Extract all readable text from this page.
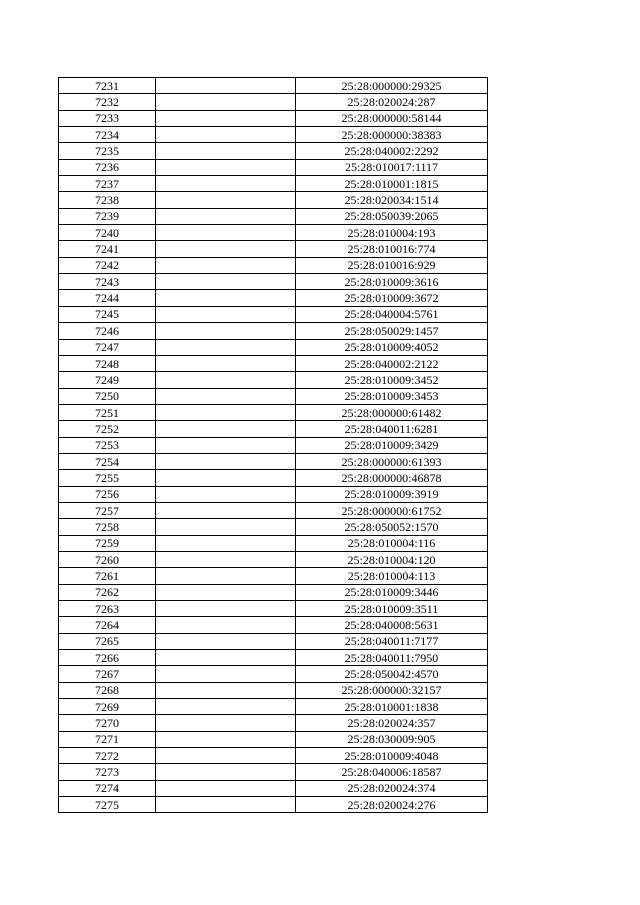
7231		25:28:000000:29325
7232		25:28:020024:287
7233		25:28:000000:58144
7234		25:28:000000:38383
7235		25:28:040002:2292
7236		25:28:010017:1117
7237		25:28:010001:1815
7238		25:28:020034:1514
7239		25:28:050039:2065
7240		25:28:010004:193
7241		25:28:010016:774
7242		25:28:010016:929
7243		25:28:010009:3616
7244		25:28:010009:3672
7245		25:28:040004:5761
7246		25:28:050029:1457
7247		25:28:010009:4052
7248		25:28:040002:2122
7249		25:28:010009:3452
7250		25:28:010009:3453
7251		25:28:000000:61482
7252		25:28:040011:6281
7253		25:28:010009:3429
7254		25:28:000000:61393
7255		25:28:000000:46878
7256		25:28:010009:3919
7257		25:28:000000:61752
7258		25:28:050052:1570
7259		25:28:010004:116
7260		25:28:010004:120
7261		25:28:010004:113
7262		25:28:010009:3446
7263		25:28:010009:3511
7264		25:28:040008:5631
7265		25:28:040011:7177
7266		25:28:040011:7950
7267		25:28:050042:4570
7268		25:28:000000:32157
7269		25:28:010001:1838
7270		25:28:020024:357
7271		25:28:030009:905
7272		25:28:010009:4048
7273		25:28:040006:18587
7274		25:28:020024:374
7275		25:28:020024:276
